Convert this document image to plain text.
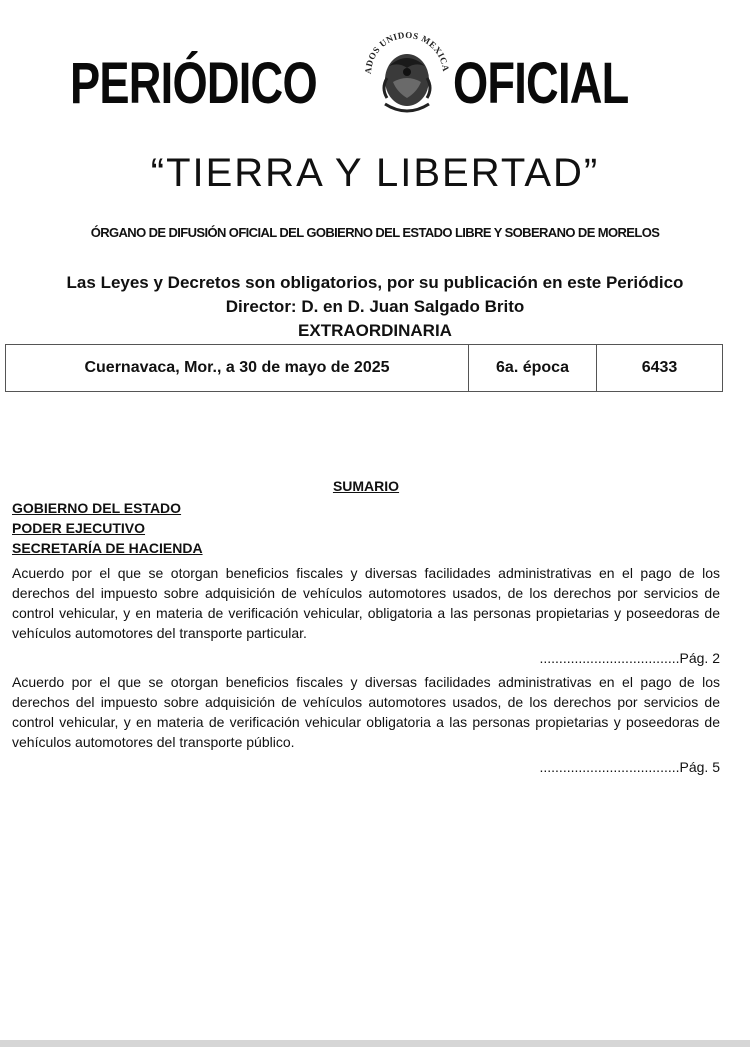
PERIÓDICO	ADOS UNIDOS MEXICA OFICIAL
“TIERRA Y LIBERTAD”
ÓRGANO DE DIFUSIÓN OFICIAL DEL GOBIERNO DEL ESTADO LIBRE Y SOBERANO DE MORELOS
Las Leyes y Decretos son obligatorios, por su publicación en este Periódico
Director: D. en D. Juan Salgado Brito
EXTRAORDINARIA
Cuernavaca, Mor., a 30 de mayo de 2025	6a. época	6433
SUMARIO
GOBIERNO DEL ESTADO
PODER EJECUTIVO
SECRETARÍA DE HACIENDA
Acuerdo por el que se otorgan beneficios fiscales y diversas facilidades administrativas en el pago de los derechos del impuesto sobre adquisición de vehículos automotores usados, de los derechos por servicios de control vehicular, y en materia de verificación vehicular, obligatoria a las personas propietarias y poseedoras de vehículos automotores del transporte particular.
....................................Pág. 2
Acuerdo por el que se otorgan beneficios fiscales y diversas facilidades administrativas en el pago de los derechos del impuesto sobre adquisición de vehículos automotores usados, de los derechos por servicios de control vehicular, y en materia de verificación vehicular obligatoria a las personas propietarias y poseedoras de vehículos automotores del transporte público.
....................................Pág. 5
